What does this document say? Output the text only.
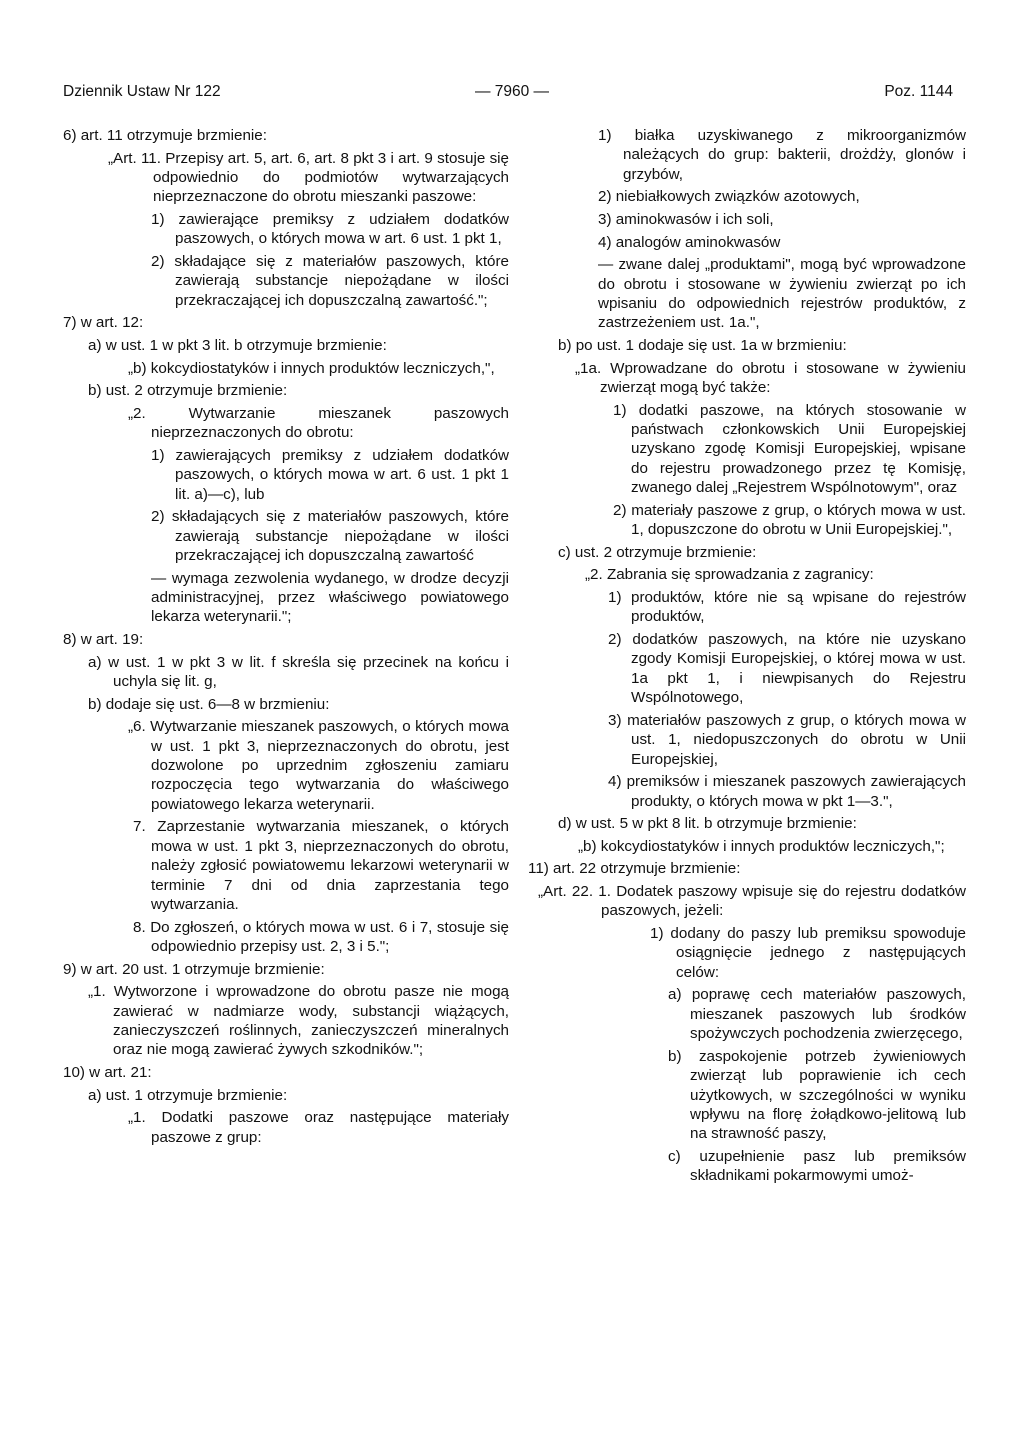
Dziennik Ustaw Nr 122	— 7960 —	Poz. 1144

6) art. 11 otrzymuje brzmienie:

„Art. 11. Przepisy art. 5, art. 6, art. 8 pkt 3 i art. 9 stosuje się odpowiednio do podmiotów wytwarzających nieprzeznaczone do obrotu mieszanki paszowe:

1) zawierające premiksy z udziałem dodatków paszowych, o których mowa w art. 6 ust. 1 pkt 1,

2) składające się z materiałów paszowych, które zawierają substancje niepożądane w ilości przekraczającej ich dopuszczalną zawartość.";

7) w art. 12:

a) w ust. 1 w pkt 3 lit. b otrzymuje brzmienie:

„b) kokcydiostatyków i innych produktów leczniczych,",

b) ust. 2 otrzymuje brzmienie:

„2. Wytwarzanie mieszanek paszowych nieprzeznaczonych do obrotu:

1) zawierających premiksy z udziałem dodatków paszowych, o których mowa w art. 6 ust. 1 pkt 1 lit. a)—c), lub

2) składających się z materiałów paszowych, które zawierają substancje niepożądane w ilości przekraczającej ich dopuszczalną zawartość

— wymaga zezwolenia wydanego, w drodze decyzji administracyjnej, przez właściwego powiatowego lekarza weterynarii.";

8) w art. 19:

a) w ust. 1 w pkt 3 w lit. f skreśla się przecinek na końcu i uchyla się lit. g,

b) dodaje się ust. 6—8 w brzmieniu:

„6. Wytwarzanie mieszanek paszowych, o których mowa w ust. 1 pkt 3, nieprzeznaczonych do obrotu, jest dozwolone po uprzednim zgłoszeniu zamiaru rozpoczęcia tego wytwarzania do właściwego powiatowego lekarza weterynarii.

7. Zaprzestanie wytwarzania mieszanek, o których mowa w ust. 1 pkt 3, nieprzeznaczonych do obrotu, należy zgłosić powiatowemu lekarzowi weterynarii w terminie 7 dni od dnia zaprzestania tego wytwarzania.

8. Do zgłoszeń, o których mowa w ust. 6 i 7, stosuje się odpowiednio przepisy ust. 2, 3 i 5.";

9) w art. 20 ust. 1 otrzymuje brzmienie:

„1. Wytworzone i wprowadzone do obrotu pasze nie mogą zawierać w nadmiarze wody, substancji wiążących, zanieczyszczeń roślinnych, zanieczyszczeń mineralnych oraz nie mogą zawierać żywych szkodników.";

10) w art. 21:

a) ust. 1 otrzymuje brzmienie:

„1. Dodatki paszowe oraz następujące materiały paszowe z grup:

1) białka uzyskiwanego z mikroorganizmów należących do grup: bakterii, drożdży, glonów i grzybów,

2) niebiałkowych związków azotowych,

3) aminokwasów i ich soli,

4) analogów aminokwasów

— zwane dalej „produktami", mogą być wprowadzone do obrotu i stosowane w żywieniu zwierząt po ich wpisaniu do odpowiednich rejestrów produktów, z zastrzeżeniem ust. 1a.",

b) po ust. 1 dodaje się ust. 1a w brzmieniu:

„1a. Wprowadzane do obrotu i stosowane w żywieniu zwierząt mogą być także:

1) dodatki paszowe, na których stosowanie w państwach członkowskich Unii Europejskiej uzyskano zgodę Komisji Europejskiej, wpisane do rejestru prowadzonego przez tę Komisję, zwanego dalej „Rejestrem Wspólnotowym", oraz

2) materiały paszowe z grup, o których mowa w ust. 1, dopuszczone do obrotu w Unii Europejskiej.",

c) ust. 2 otrzymuje brzmienie:

„2. Zabrania się sprowadzania z zagranicy:

1) produktów, które nie są wpisane do rejestrów produktów,

2) dodatków paszowych, na które nie uzyskano zgody Komisji Europejskiej, o której mowa w ust. 1a pkt 1, i niewpisanych do Rejestru Wspólnotowego,

3) materiałów paszowych z grup, o których mowa w ust. 1, niedopuszczonych do obrotu w Unii Europejskiej,

4) premiksów i mieszanek paszowych zawierających produkty, o których mowa w pkt 1—3.",

d) w ust. 5 w pkt 8 lit. b otrzymuje brzmienie:

„b) kokcydiostatyków i innych produktów leczniczych,";

11) art. 22 otrzymuje brzmienie:

„Art. 22. 1. Dodatek paszowy wpisuje się do rejestru dodatków paszowych, jeżeli:

1) dodany do paszy lub premiksu spowoduje osiągnięcie jednego z następujących celów:

a) poprawę cech materiałów paszowych, mieszanek paszowych lub środków spożywczych pochodzenia zwierzęcego,

b) zaspokojenie potrzeb żywieniowych zwierząt lub poprawienie ich cech użytkowych, w szczególności w wyniku wpływu na florę żołądkowo-jelitową lub na strawność paszy,

c) uzupełnienie pasz lub premiksów składnikami pokarmowymi umoż-
